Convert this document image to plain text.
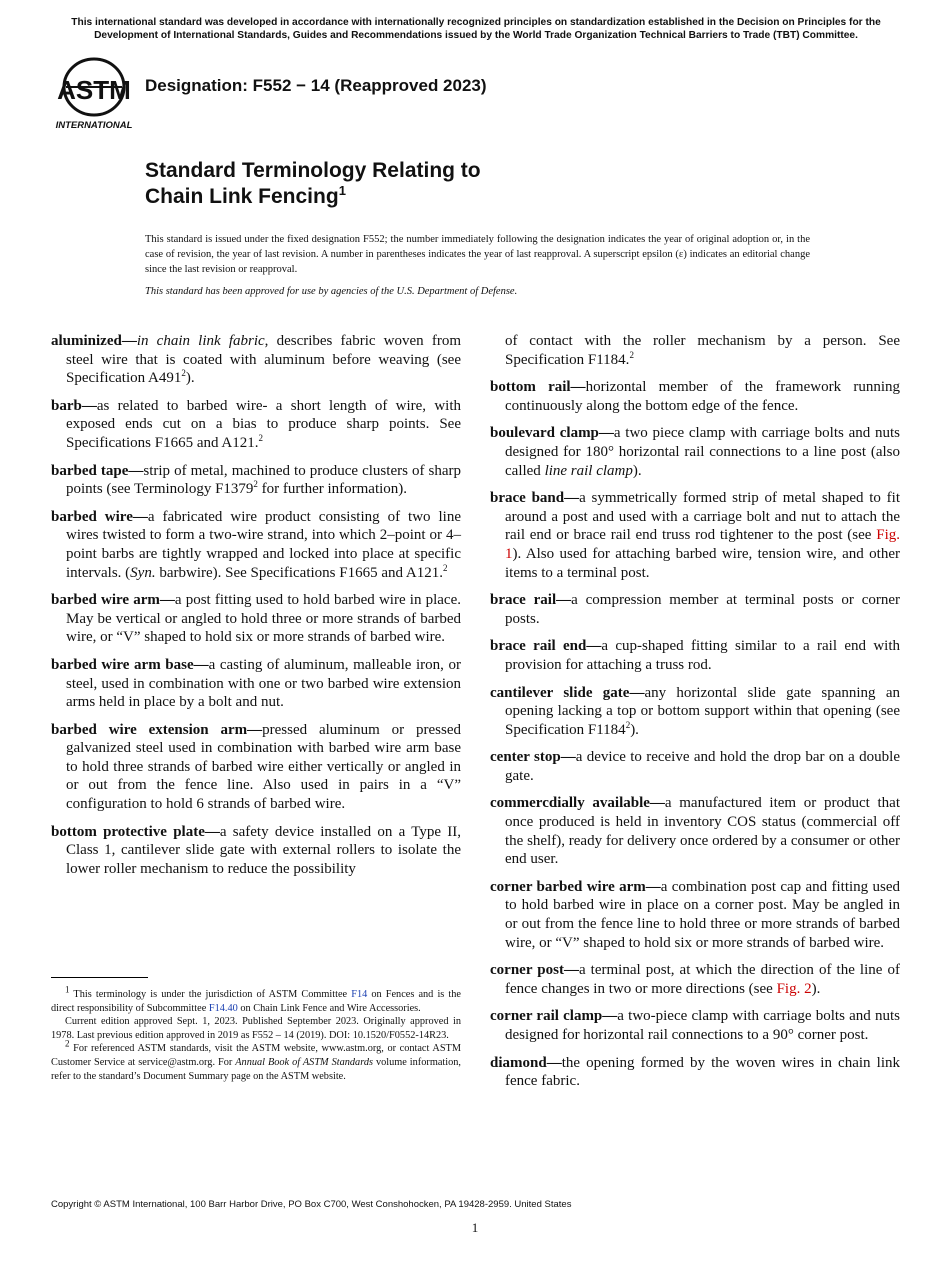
This international standard was developed in accordance with internationally recognized principles on standardization established in the Decision on Principles for the Development of International Standards, Guides and Recommendations issued by the World Trade Organization Technical Barriers to Trade (TBT) Committee.
ASTM
INTERNATIONAL
Designation: F552 − 14 (Reapproved 2023)
Standard Terminology Relating to
Chain Link Fencing$^1$
This standard is issued under the fixed designation F552; the number immediately following the designation indicates the year of original adoption or, in the case of revision, the year of last revision. A number in parentheses indicates the year of last reapproval. A superscript epsilon (ε) indicates an editorial change since the last revision or reapproval.
This standard has been approved for use by agencies of the U.S. Department of Defense.

aluminized—in chain link fabric, describes fabric woven from steel wire that is coated with aluminum before weaving (see Specification $A491^2$).

barb—as related to barbed wire- a short length of wire, with exposed ends cut on a bias to produce sharp points. See Specifications F1665 and A121.$^2$

barbed tape—strip of metal, machined to produce clusters of sharp points (see Terminology F1379$^2$ for further information).

barbed wire—a fabricated wire product consisting of two line wires twisted to form a two-wire strand, into which 2–point or 4–point barbs are tightly wrapped and locked into place at specific intervals. (Syn. barbwire). See Specifications F1665 and A121.$^2$

barbed wire arm—a post fitting used to hold barbed wire in place. May be vertical or angled to hold three or more strands of barbed wire, or “V” shaped to hold six or more strands of barbed wire.

barbed wire arm base—a casting of aluminum, malleable iron, or steel, used in combination with one or two barbed wire extension arms held in place by a bolt and nut.

barbed wire extension arm—pressed aluminum or pressed galvanized steel used in combination with barbed wire arm base to hold three strands of barbed wire either vertically or angled in or out from the fence line. Also used in pairs in a “V” configuration to hold 6 strands of barbed wire.

bottom protective plate—a safety device installed on a Type II, Class 1, cantilever slide gate with external rollers to isolate the lower roller mechanism to reduce the possibility

$^1$ This terminology is under the jurisdiction of ASTM Committee F14 on Fences and is the direct responsibility of Subcommittee F14.40 on Chain Link Fence and Wire Accessories.

Current edition approved Sept. 1, 2023. Published September 2023. Originally approved in 1978. Last previous edition approved in 2019 as F552 – 14 (2019). DOI: 10.1520/F0552-14R23.

$^2$ For referenced ASTM standards, visit the ASTM website, www.astm.org, or contact ASTM Customer Service at service@astm.org. For Annual Book of ASTM Standards volume information, refer to the standard’s Document Summary page on the ASTM website.

of contact with the roller mechanism by a person. See Specification F1184.$^2$

bottom rail—horizontal member of the framework running continuously along the bottom edge of the fence.

boulevard clamp—a two piece clamp with carriage bolts and nuts designed for 180° horizontal rail connections to a line post (also called line rail clamp).

brace band—a symmetrically formed strip of metal shaped to fit around a post and used with a carriage bolt and nut to attach the rail end or brace rail end truss rod tightener to the post (see Fig. 1). Also used for attaching barbed wire, tension wire, and other items to a terminal post.

brace rail—a compression member at terminal posts or corner posts.

brace rail end—a cup-shaped fitting similar to a rail end with provision for attaching a truss rod.

cantilever slide gate—any horizontal slide gate spanning an opening lacking a top or bottom support within that opening (see Specification F1184$^2$).

center stop—a device to receive and hold the drop bar on a double gate.

commercdially available—a manufactured item or product that once produced is held in inventory COS status (commercial off the shelf), ready for delivery once ordered by a consumer or other end user.

corner barbed wire arm—a combination post cap and fitting used to hold barbed wire in place on a corner post. May be angled in or out from the fence line to hold three or more strands of barbed wire, or “V” shaped to hold six or more strands of barbed wire.

corner post—a terminal post, at which the direction of the line of fence changes in two or more directions (see Fig. 2).

corner rail clamp—a two-piece clamp with carriage bolts and nuts designed for horizontal rail connections to a 90° corner post.

diamond—the opening formed by the woven wires in chain link fence fabric.

Copyright © ASTM International, 100 Barr Harbor Drive, PO Box C700, West Conshohocken, PA 19428-2959. United States
1
